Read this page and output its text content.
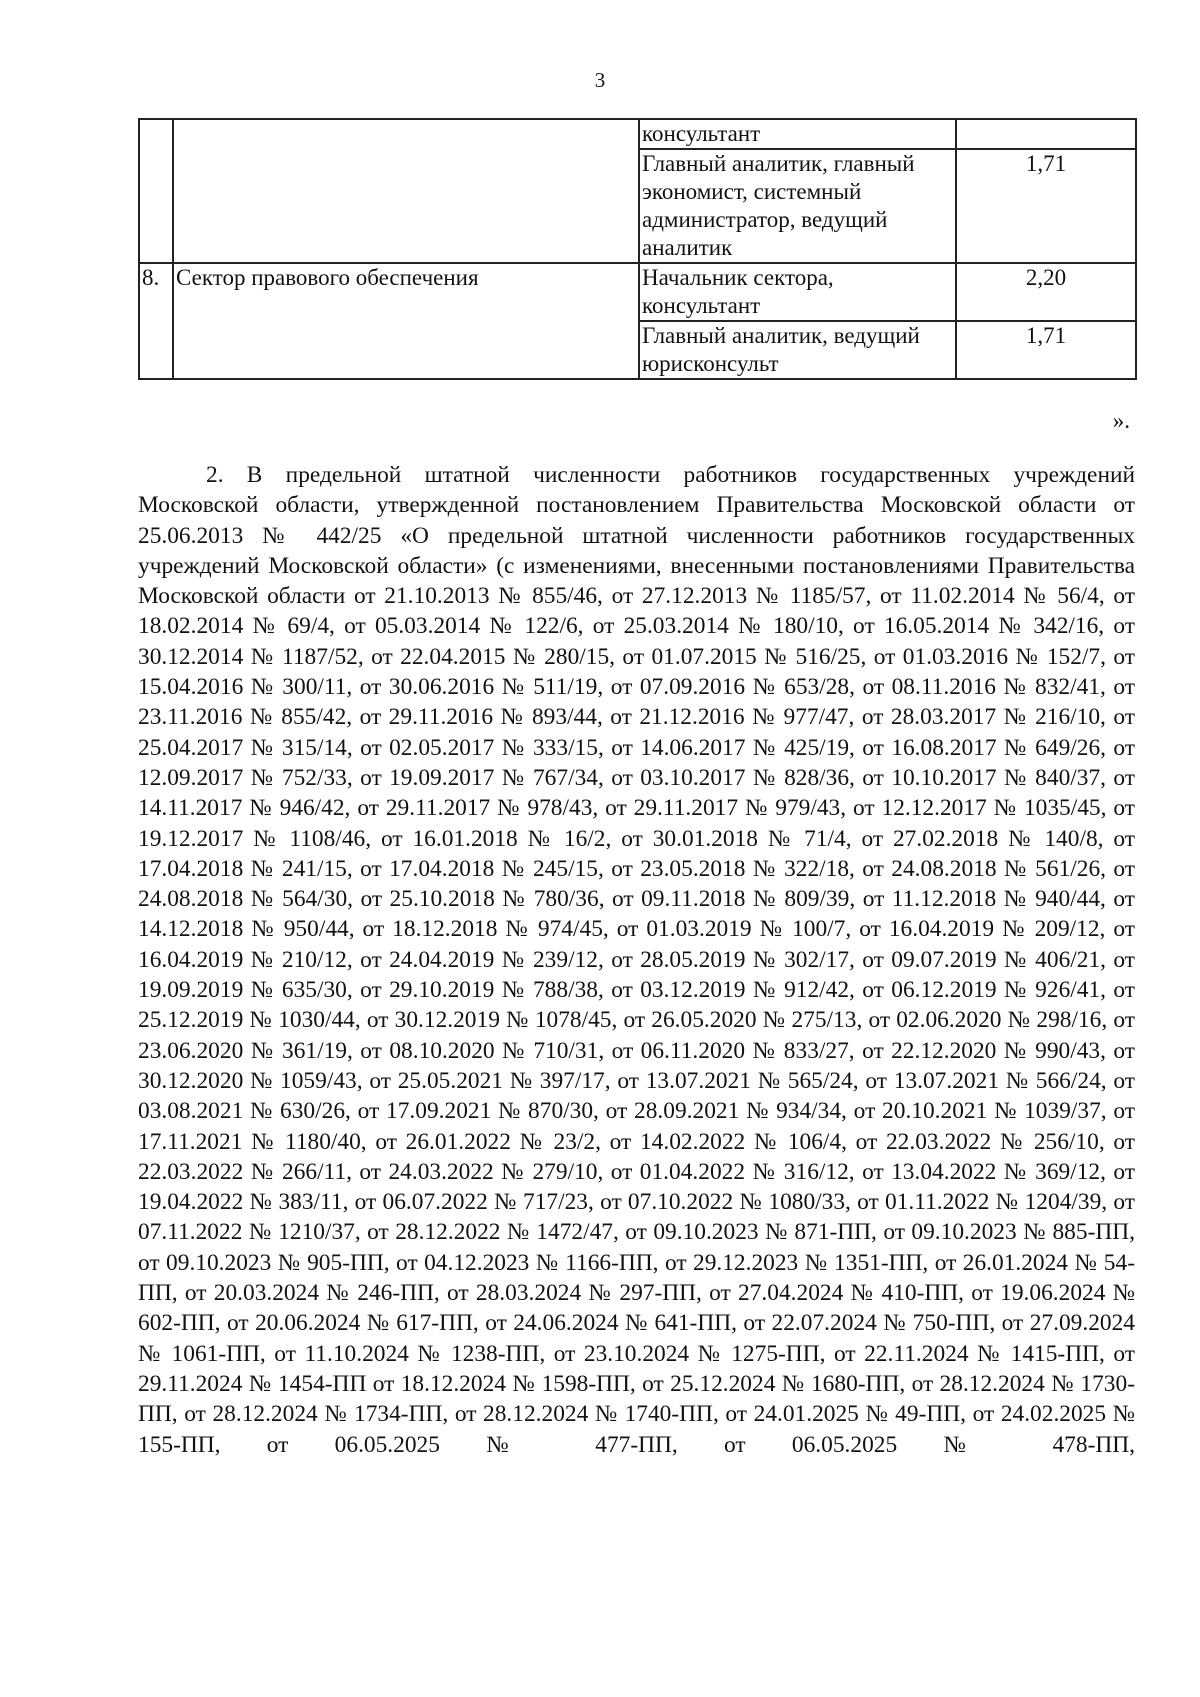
3
		консультант	
		Главный аналитик, главный экономист, системный администратор, ведущий аналитик	1,71
8.	Сектор правового обеспечения	Начальник сектора, консультант	2,20
		Главный аналитик, ведущий юрисконсульт	1,71
».
2. В предельной штатной численности работников государственных учреждений Московской области, утвержденной постановлением Правительства Московской области от 25.06.2013 № 442/25 «О предельной штатной численности работников государственных учреждений Московской области» (с изменениями, внесенными постановлениями Правительства Московской области от 21.10.2013 № 855/46, от 27.12.2013 № 1185/57, от 11.02.2014 № 56/4, от 18.02.2014 № 69/4, от 05.03.2014 № 122/6, от 25.03.2014 № 180/10, от 16.05.2014 № 342/16, от 30.12.2014 № 1187/52, от 22.04.2015 № 280/15, от 01.07.2015 № 516/25, от 01.03.2016 № 152/7, от 15.04.2016 № 300/11, от 30.06.2016 № 511/19, от 07.09.2016 № 653/28, от 08.11.2016 № 832/41, от 23.11.2016 № 855/42, от 29.11.2016 № 893/44, от 21.12.2016 № 977/47, от 28.03.2017 № 216/10, от 25.04.2017 № 315/14, от 02.05.2017 № 333/15, от 14.06.2017 № 425/19, от 16.08.2017 № 649/26, от 12.09.2017 № 752/33, от 19.09.2017 № 767/34, от 03.10.2017 № 828/36, от 10.10.2017 № 840/37, от 14.11.2017 № 946/42, от 29.11.2017 № 978/43, от 29.11.2017 № 979/43, от 12.12.2017 № 1035/45, от 19.12.2017 № 1108/46, от 16.01.2018 № 16/2, от 30.01.2018 № 71/4, от 27.02.2018 № 140/8, от 17.04.2018 № 241/15, от 17.04.2018 № 245/15, от 23.05.2018 № 322/18, от 24.08.2018 № 561/26, от 24.08.2018 № 564/30, от 25.10.2018 № 780/36, от 09.11.2018 № 809/39, от 11.12.2018 № 940/44, от 14.12.2018 № 950/44, от 18.12.2018 № 974/45, от 01.03.2019 № 100/7, от 16.04.2019 № 209/12, от 16.04.2019 № 210/12, от 24.04.2019 № 239/12, от 28.05.2019 № 302/17, от 09.07.2019 № 406/21, от 19.09.2019 № 635/30, от 29.10.2019 № 788/38, от 03.12.2019 № 912/42, от 06.12.2019 № 926/41, от 25.12.2019 № 1030/44, от 30.12.2019 № 1078/45, от 26.05.2020 № 275/13, от 02.06.2020 № 298/16, от 23.06.2020 № 361/19, от 08.10.2020 № 710/31, от 06.11.2020 № 833/27, от 22.12.2020 № 990/43, от 30.12.2020 № 1059/43, от 25.05.2021 № 397/17, от 13.07.2021 № 565/24, от 13.07.2021 № 566/24, от 03.08.2021 № 630/26, от 17.09.2021 № 870/30, от 28.09.2021 № 934/34, от 20.10.2021 № 1039/37, от 17.11.2021 № 1180/40, от 26.01.2022 № 23/2, от 14.02.2022 № 106/4, от 22.03.2022 № 256/10, от 22.03.2022 № 266/11, от 24.03.2022 № 279/10, от 01.04.2022 № 316/12, от 13.04.2022 № 369/12, от 19.04.2022 № 383/11, от 06.07.2022 № 717/23, от 07.10.2022 № 1080/33, от 01.11.2022 № 1204/39, от 07.11.2022 № 1210/37, от 28.12.2022 № 1472/47, от 09.10.2023 № 871-ПП, от 09.10.2023 № 885-ПП, от 09.10.2023 № 905-ПП, от 04.12.2023 № 1166-ПП, от 29.12.2023 № 1351-ПП, от 26.01.2024 № 54-ПП, от 20.03.2024 № 246-ПП, от 28.03.2024 № 297-ПП, от 27.04.2024 № 410-ПП, от 19.06.2024 № 602-ПП, от 20.06.2024 № 617-ПП, от 24.06.2024 № 641-ПП, от 22.07.2024 № 750-ПП, от 27.09.2024 № 1061-ПП, от 11.10.2024 № 1238-ПП, от 23.10.2024 № 1275-ПП, от 22.11.2024 № 1415-ПП, от 29.11.2024 № 1454-ПП от 18.12.2024 № 1598-ПП, от 25.12.2024 № 1680-ПП, от 28.12.2024 № 1730-ПП, от 28.12.2024 № 1734-ПП, от 28.12.2024 № 1740-ПП, от 24.01.2025 № 49-ПП, от 24.02.2025 № 155-ПП, от 06.05.2025 № 477-ПП, от 06.05.2025 № 478-ПП,
